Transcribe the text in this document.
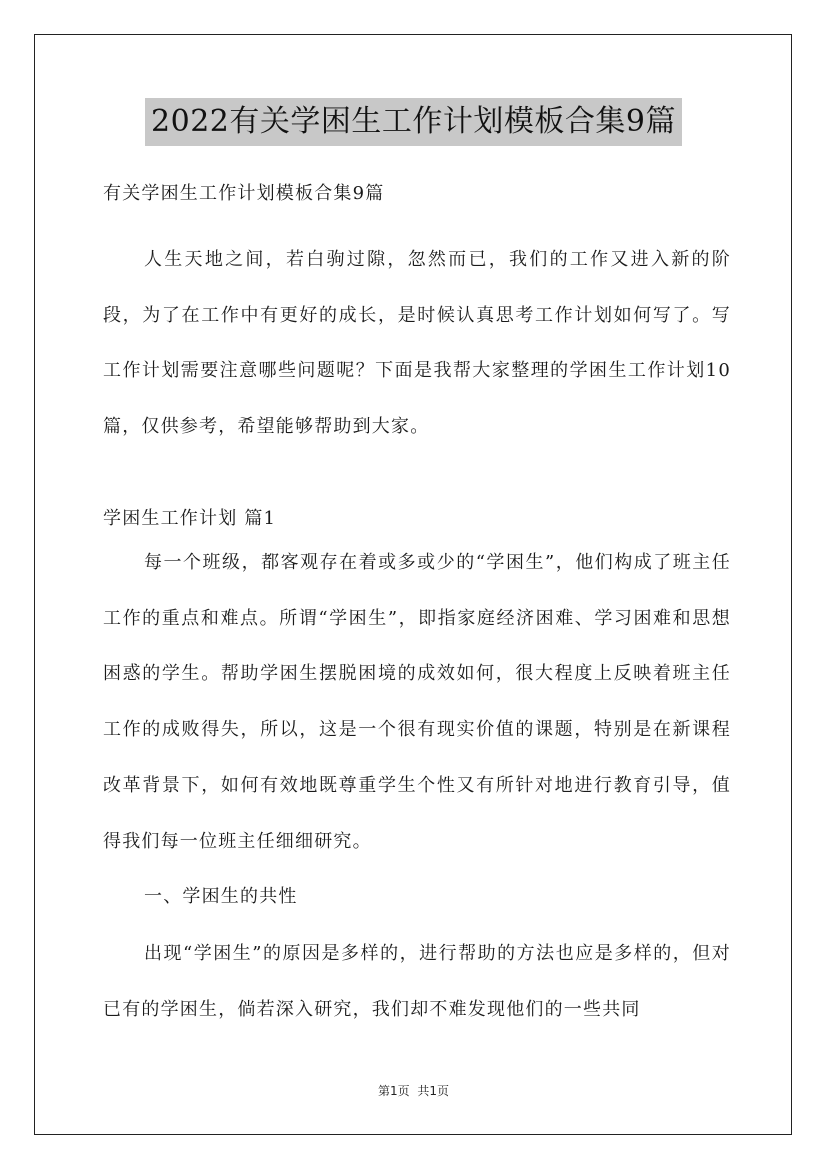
2022有关学困生工作计划模板合集9篇
有关学困生工作计划模板合集9篇
人生天地之间，若白驹过隙，忽然而已，我们的工作又进入新的阶段，为了在工作中有更好的成长，是时候认真思考工作计划如何写了。写工作计划需要注意哪些问题呢？下面是我帮大家整理的学困生工作计划10篇，仅供参考，希望能够帮助到大家。
学困生工作计划 篇1
每一个班级，都客观存在着或多或少的“学困生”，他们构成了班主任工作的重点和难点。所谓“学困生”，即指家庭经济困难、学习困难和思想困惑的学生。帮助学困生摆脱困境的成效如何，很大程度上反映着班主任工作的成败得失，所以，这是一个很有现实价值的课题，特别是在新课程改革背景下，如何有效地既尊重学生个性又有所针对地进行教育引导，值得我们每一位班主任细细研究。
一、学困生的共性
出现“学困生”的原因是多样的，进行帮助的方法也应是多样的，但对已有的学困生，倘若深入研究，我们却不难发现他们的一些共同
第1页 共1页
